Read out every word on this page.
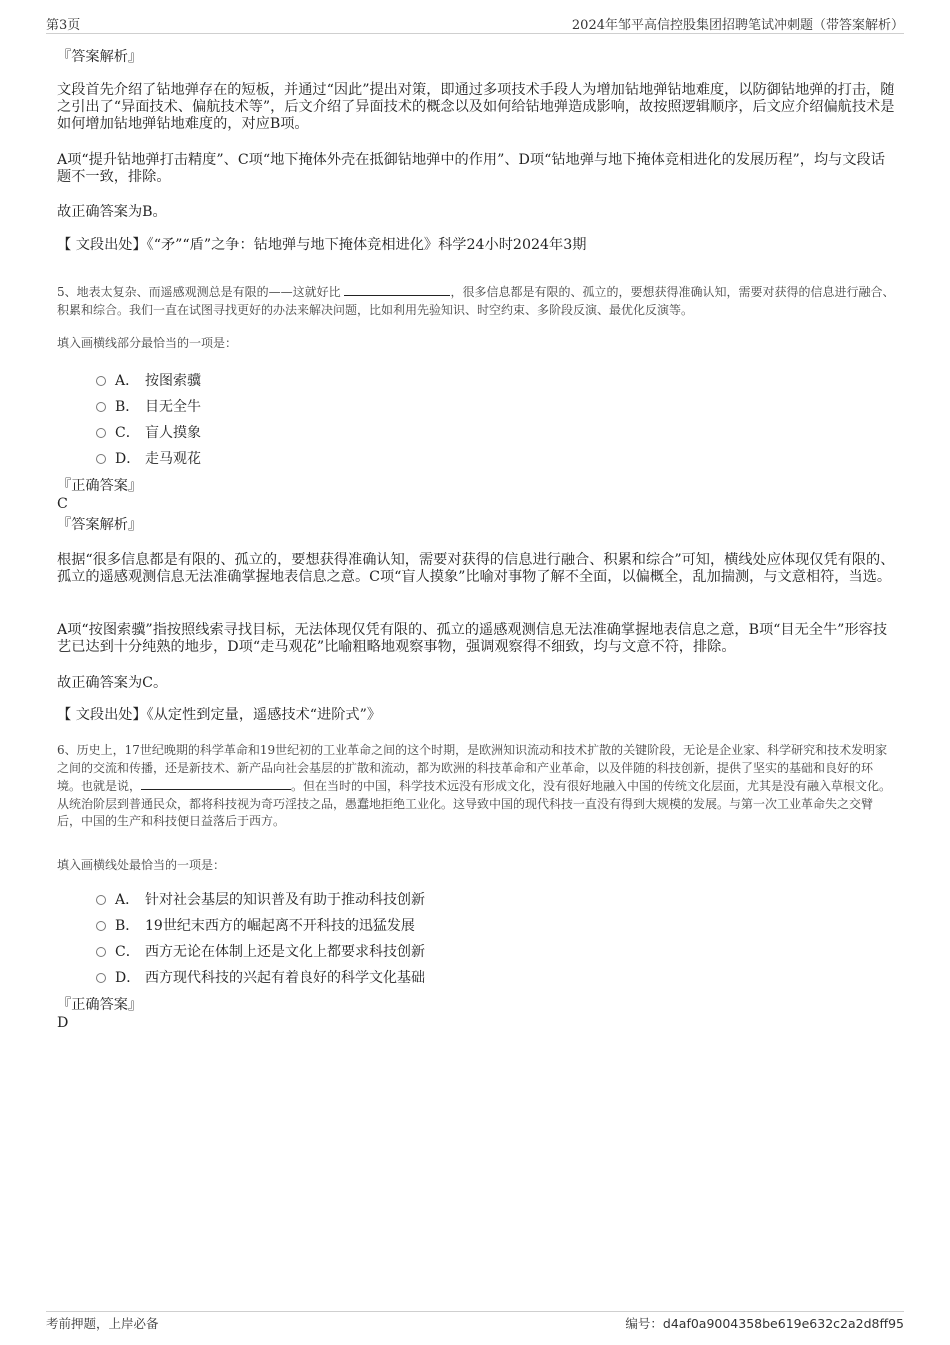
第3页	2024年邹平高信控股集团招聘笔试冲刺题（带答案解析）
『答案解析』
文段首先介绍了钻地弹存在的短板，并通过“因此”提出对策，即通过多项技术手段人为增加钻地弹钻地难度，以防御钻地弹的打击，随之引出了“异面技术、偏航技术等”，后文介绍了异面技术的概念以及如何给钻地弹造成影响，故按照逻辑顺序，后文应介绍偏航技术是如何增加钻地弹钻地难度的，对应B项。
A项“提升钻地弹打击精度”、C项“地下掩体外壳在抵御钻地弹中的作用”、D项“钻地弹与地下掩体竞相进化的发展历程”，均与文段话题不一致，排除。
故正确答案为B。
【 文段出处】《“矛”“盾”之争：钻地弹与地下掩体竞相进化》科学24小时2024年3期
5、地表太复杂、而遥感观测总是有限的——这就好比	，很多信息都是有限的、孤立的，要想获得准确认知，需要对获得的信息进行融合、积累和综合。我们一直在试图寻找更好的办法来解决问题，比如利用先验知识、时空约束、多阶段反演、最优化反演等。
填入画横线部分最恰当的一项是：
A． 按图索骥
B． 目无全牛
C． 盲人摸象
D． 走马观花
『正确答案』
C
『答案解析』
根据“很多信息都是有限的、孤立的，要想获得准确认知，需要对获得的信息进行融合、积累和综合”可知，横线处应体现仅凭有限的、孤立的遥感观测信息无法准确掌握地表信息之意。C项“盲人摸象”比喻对事物了解不全面，以偏概全，乱加揣测，与文意相符，当选。
A项“按图索骥”指按照线索寻找目标，无法体现仅凭有限的、孤立的遥感观测信息无法准确掌握地表信息之意，B项“目无全牛”形容技艺已达到十分纯熟的地步，D项“走马观花”比喻粗略地观察事物，强调观察得不细致，均与文意不符，排除。
故正确答案为C。
【 文段出处】《从定性到定量，遥感技术“进阶式”》
6、历史上，17世纪晚期的科学革命和19世纪初的工业革命之间的这个时期，是欧洲知识流动和技术扩散的关键阶段，无论是企业家、科学研究和技术发明家之间的交流和传播，还是新技术、新产品向社会基层的扩散和流动，都为欧洲的科技革命和产业革命，以及伴随的科技创新，提供了坚实的基础和良好的环境。也就是说，	。但在当时的中国，科学技术远没有形成文化，没有很好地融入中国的传统文化层面，尤其是没有融入草根文化。从统治阶层到普通民众，都将科技视为奇巧淫技之品，愚蠢地拒绝工业化。这导致中国的现代科技一直没有得到大规模的发展。与第一次工业革命失之交臂后，中国的生产和科技便日益落后于西方。
填入画横线处最恰当的一项是：
A． 针对社会基层的知识普及有助于推动科技创新
B． 19世纪末西方的崛起离不开科技的迅猛发展
C． 西方无论在体制上还是文化上都要求科技创新
D． 西方现代科技的兴起有着良好的科学文化基础
『正确答案』
D
考前押题，上岸必备	编号：d4af0a9004358be619e632c2a2d8ff95
